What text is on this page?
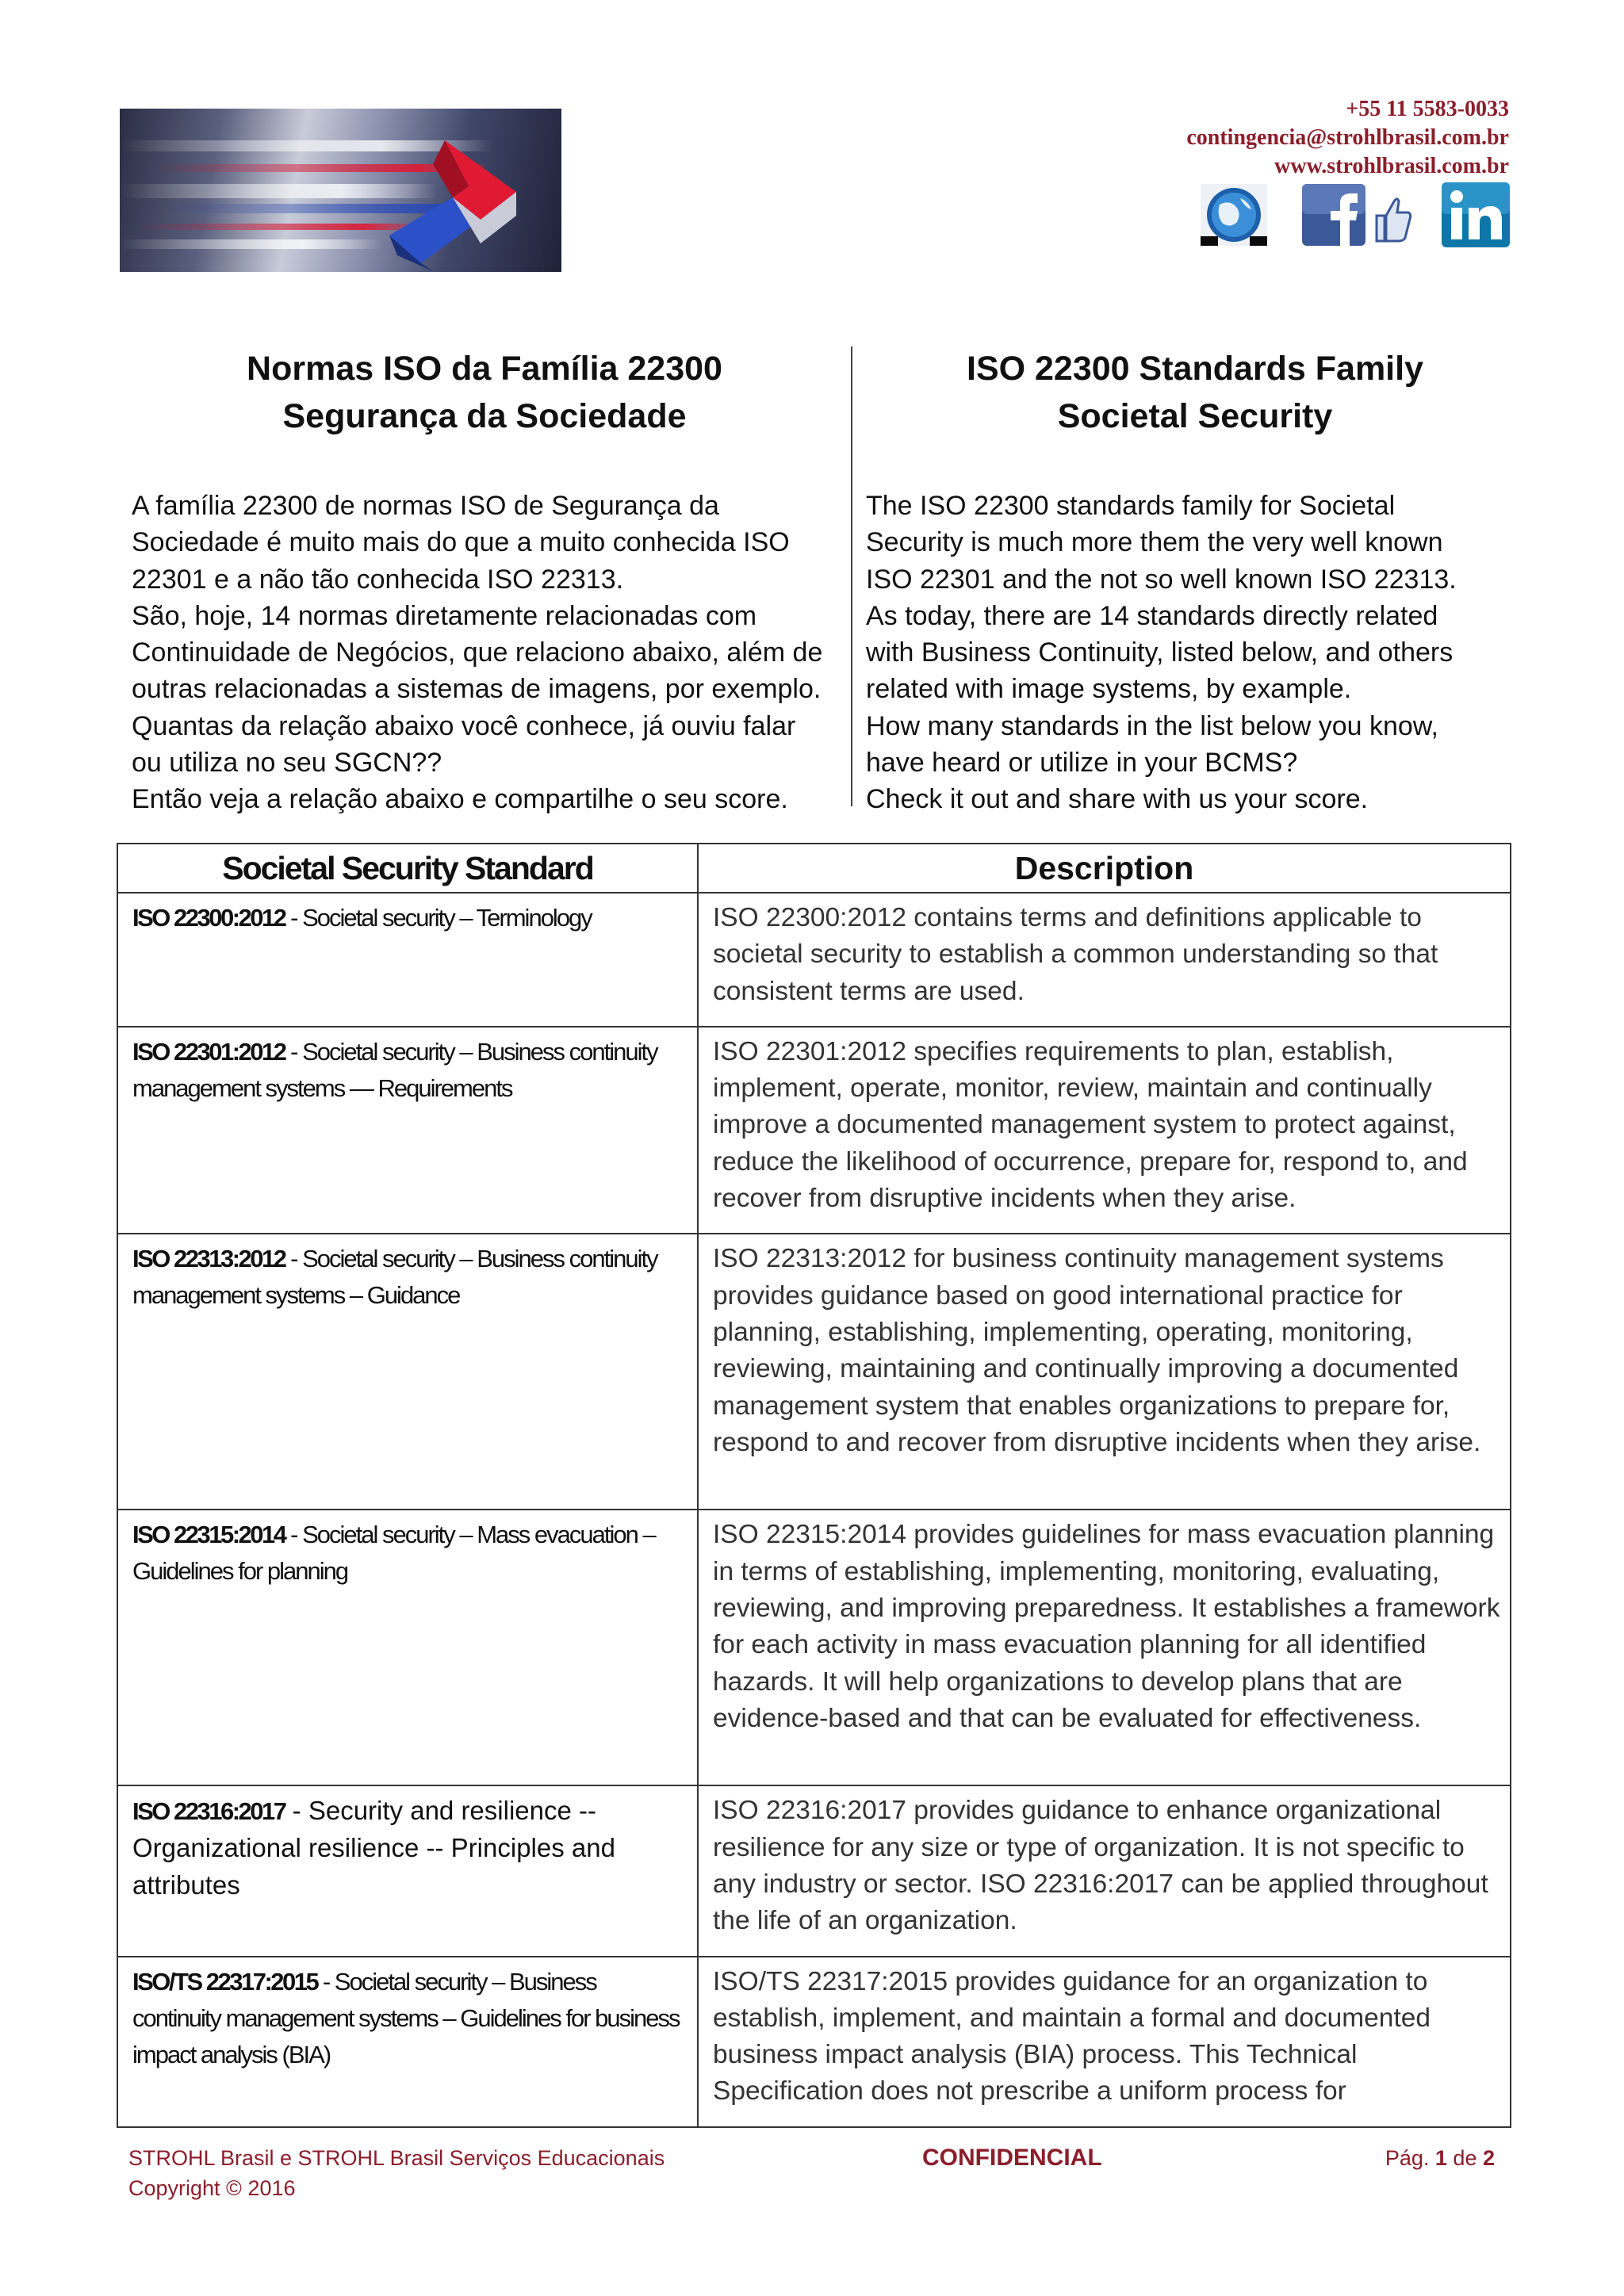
+55 11 5583-0033
contingencia@strohlbrasil.com.br
www.strohlbrasil.com.br
Normas ISO da Família 22300
Segurança da Sociedade
A família 22300 de normas ISO de Segurança da
Sociedade é muito mais do que a muito conhecida ISO
22301 e a não tão conhecida ISO 22313.
São, hoje, 14 normas diretamente relacionadas com
Continuidade de Negócios, que relaciono abaixo, além de
outras relacionadas a sistemas de imagens, por exemplo.
Quantas da relação abaixo você conhece, já ouviu falar
ou utiliza no seu SGCN??
Então veja a relação abaixo e compartilhe o seu score.
ISO 22300 Standards Family
Societal Security
The ISO 22300 standards family for Societal
Security is much more them the very well known
ISO 22301 and the not so well known ISO 22313.
As today, there are 14 standards directly related
with Business Continuity, listed below, and others
related with image systems, by example.
How many standards in the list below you know,
have heard or utilize in your BCMS?
Check it out and share with us your score.
Societal Security Standard	Description
ISO 22300:2012 - Societal security – Terminology	ISO 22300:2012 contains terms and definitions applicable to societal security to establish a common understanding so that consistent terms are used.
ISO 22301:2012 - Societal security – Business continuity management systems — Requirements	ISO 22301:2012 specifies requirements to plan, establish, implement, operate, monitor, review, maintain and continually improve a documented management system to protect against, reduce the likelihood of occurrence, prepare for, respond to, and recover from disruptive incidents when they arise.
ISO 22313:2012 - Societal security – Business continuity management systems – Guidance	ISO 22313:2012 for business continuity management systems provides guidance based on good international practice for planning, establishing, implementing, operating, monitoring, reviewing, maintaining and continually improving a documented management system that enables organizations to prepare for, respond to and recover from disruptive incidents when they arise.
ISO 22315:2014 - Societal security – Mass evacuation – Guidelines for planning	ISO 22315:2014 provides guidelines for mass evacuation planning in terms of establishing, implementing, monitoring, evaluating, reviewing, and improving preparedness. It establishes a framework for each activity in mass evacuation planning for all identified hazards. It will help organizations to develop plans that are evidence-based and that can be evaluated for effectiveness.
ISO 22316:2017 - Security and resilience -- Organizational resilience -- Principles and attributes	ISO 22316:2017 provides guidance to enhance organizational resilience for any size or type of organization. It is not specific to any industry or sector. ISO 22316:2017 can be applied throughout the life of an organization.
ISO/TS 22317:2015 - Societal security – Business continuity management systems – Guidelines for business impact analysis (BIA)	ISO/TS 22317:2015 provides guidance for an organization to establish, implement, and maintain a formal and documented business impact analysis (BIA) process. This Technical Specification does not prescribe a uniform process for
STROHL Brasil e STROHL Brasil Serviços Educacionais
Copyright © 2016
CONFIDENCIAL	Pág. 1 de 2
